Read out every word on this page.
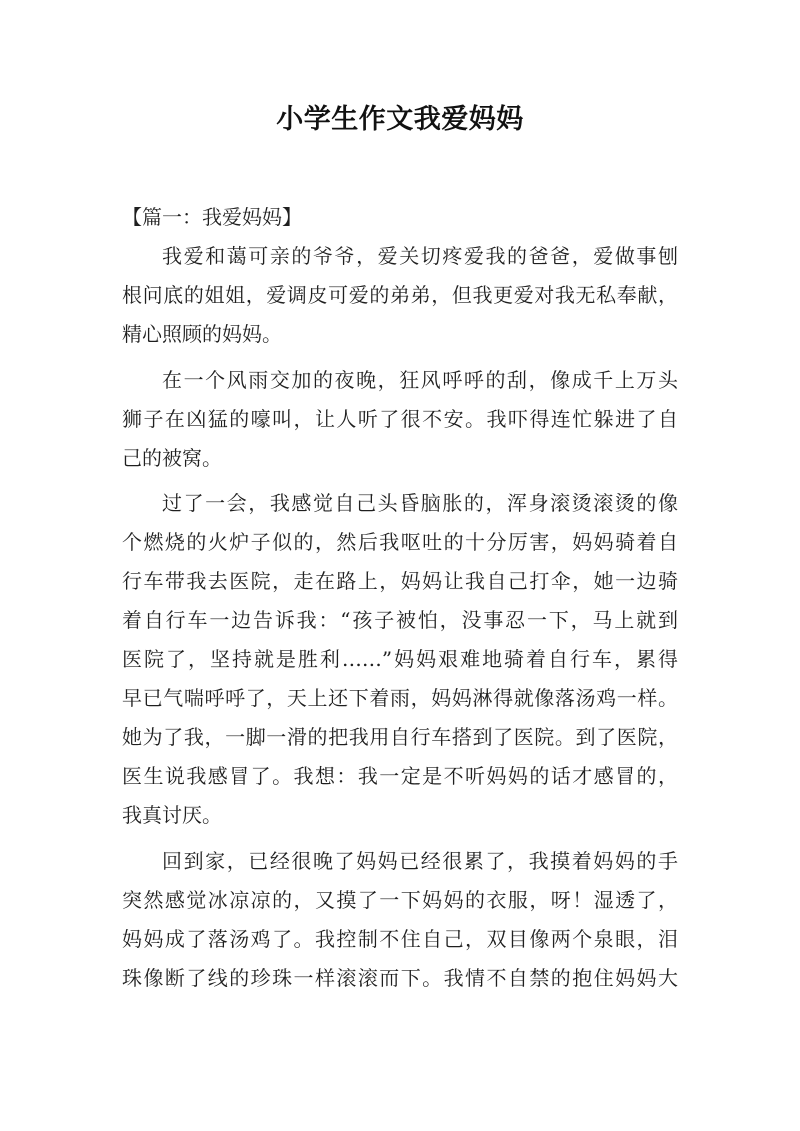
小学生作文我爱妈妈
【篇一：我爱妈妈】
我爱和蔼可亲的爷爷，爱关切疼爱我的爸爸，爱做事刨
根问底的姐姐，爱调皮可爱的弟弟，但我更爱对我无私奉献，
精心照顾的妈妈。
在一个风雨交加的夜晚，狂风呼呼的刮，像成千上万头
狮子在凶猛的嚎叫，让人听了很不安。我吓得连忙躲进了自
己的被窝。
过了一会，我感觉自己头昏脑胀的，浑身滚烫滚烫的像
个燃烧的火炉子似的，然后我呕吐的十分厉害，妈妈骑着自
行车带我去医院，走在路上，妈妈让我自己打伞，她一边骑
着自行车一边告诉我：“孩子被怕，没事忍一下，马上就到
医院了，坚持就是胜利……”妈妈艰难地骑着自行车，累得
早已气喘呼呼了，天上还下着雨，妈妈淋得就像落汤鸡一样。
她为了我，一脚一滑的把我用自行车搭到了医院。到了医院，
医生说我感冒了。我想：我一定是不听妈妈的话才感冒的，
我真讨厌。
回到家，已经很晚了妈妈已经很累了，我摸着妈妈的手
突然感觉冰凉凉的，又摸了一下妈妈的衣服，呀！湿透了，
妈妈成了落汤鸡了。我控制不住自己，双目像两个泉眼，泪
珠像断了线的珍珠一样滚滚而下。我情不自禁的抱住妈妈大
